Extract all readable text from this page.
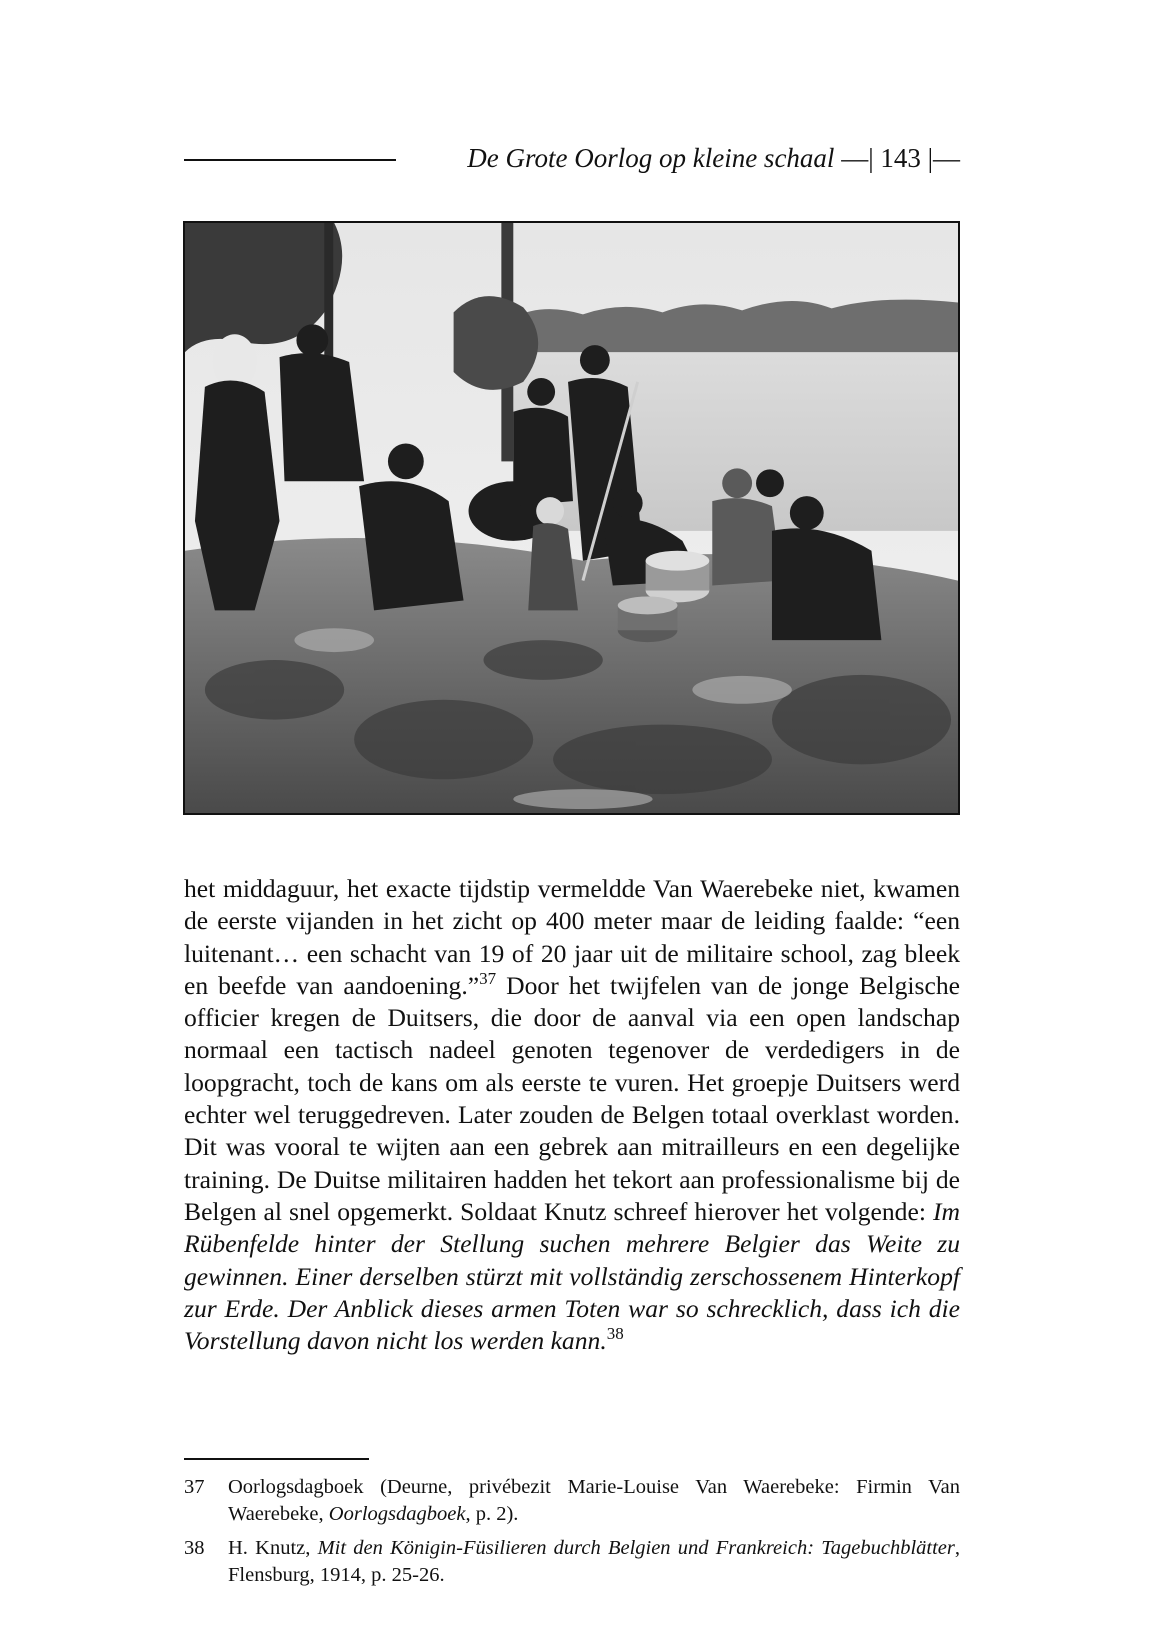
De Grote Oorlog op kleine schaal —| 143 |—

het middaguur, het exacte tijdstip vermeldde Van Waerebeke niet, kwamen de eerste vijanden in het zicht op 400 meter maar de leiding faalde: “een luitenant… een schacht van 19 of 20 jaar uit de militaire school, zag bleek en beefde van aandoening.”$^{37}$ Door het twijfelen van de jonge Belgische officier kregen de Duitsers, die door de aanval via een open landschap normaal een tactisch nadeel genoten tegenover de verdedigers in de loopgracht, toch de kans om als eerste te vuren. Het groepje Duitsers werd echter wel teruggedreven. Later zouden de Belgen totaal overklast worden. Dit was vooral te wijten aan een gebrek aan mitrailleurs en een degelijke training. De Duitse militairen hadden het tekort aan professionalisme bij de Belgen al snel opgemerkt. Soldaat Knutz schreef hierover het volgende: Im Rübenfelde hinter der Stellung suchen mehrere Belgier das Weite zu gewinnen. Einer derselben stürzt mit vollständig zerschossenem Hinterkopf zur Erde. Der Anblick dieses armen Toten war so schrecklich, dass ich die Vorstellung davon nicht los werden kann.$^{38}$

37	Oorlogsdagboek (Deurne, privébezit Marie-Louise Van Waerebeke: Firmin Van Waerebeke, Oorlogsdagboek, p. 2).
38	H. Knutz, Mit den Königin-Füsilieren durch Belgien und Frankreich: Tagebuchblätter, Flensburg, 1914, p. 25-26.
